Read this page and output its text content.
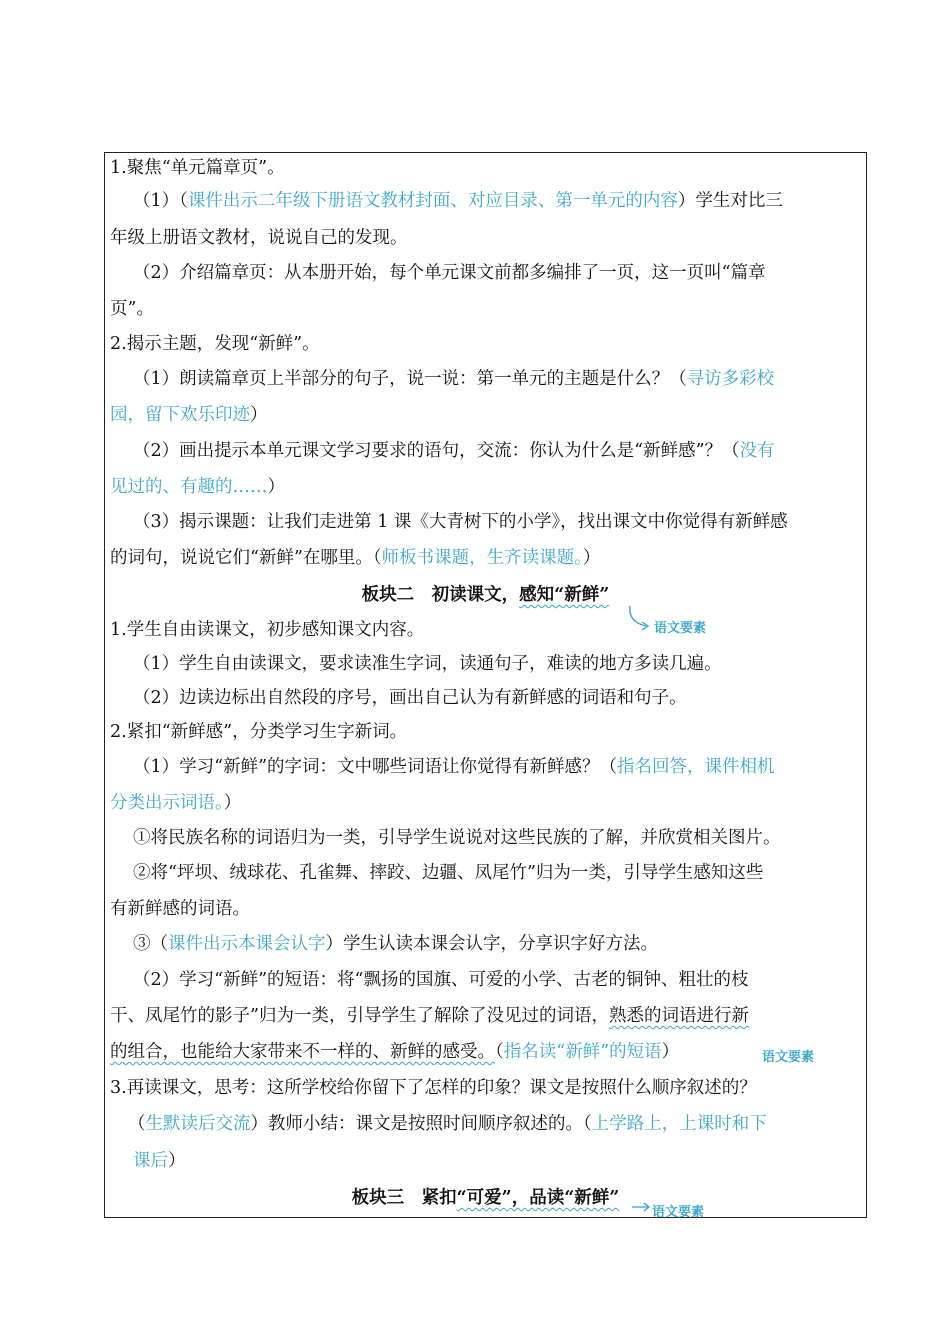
1.聚焦“单元篇章页”。
（1）（课件出示二年级下册语文教材封面、对应目录、第一单元的内容）学生对比三
年级上册语文教材，说说自己的发现。
（2）介绍篇章页：从本册开始，每个单元课文前都多编排了一页，这一页叫“篇章
页”。
2.揭示主题，发现“新鲜”。
（1）朗读篇章页上半部分的句子，说一说：第一单元的主题是什么？（寻访多彩校
园，留下欢乐印迹）
（2）画出提示本单元课文学习要求的语句，交流：你认为什么是“新鲜感”？（没有
见过的、有趣的……）
（3）揭示课题：让我们走进第 1 课《大青树下的小学》，找出课文中你觉得有新鲜感
的词句，说说它们“新鲜”在哪里。（师板书课题，生齐读课题。）
板块二　初读课文，感知“新鲜”
语文要素
1.学生自由读课文，初步感知课文内容。
（1）学生自由读课文，要求读准生字词，读通句子，难读的地方多读几遍。
（2）边读边标出自然段的序号，画出自己认为有新鲜感的词语和句子。
2.紧扣“新鲜感”，分类学习生字新词。
（1）学习“新鲜”的字词：文中哪些词语让你觉得有新鲜感？（指名回答，课件相机
分类出示词语。）
①将民族名称的词语归为一类，引导学生说说对这些民族的了解，并欣赏相关图片。
②将“坪坝、绒球花、孔雀舞、摔跤、边疆、凤尾竹”归为一类，引导学生感知这些
有新鲜感的词语。
③（课件出示本课会认字）学生认读本课会认字，分享识字好方法。
（2）学习“新鲜”的短语：将“飘扬的国旗、可爱的小学、古老的铜钟、粗壮的枝
干、凤尾竹的影子”归为一类，引导学生了解除了没见过的词语，熟悉的词语进行新
的组合，也能给大家带来不一样的、新鲜的感受。（指名读“新鲜”的短语）	语文要素
3.再读课文，思考：这所学校给你留下了怎样的印象？课文是按照什么顺序叙述的？
（生默读后交流）教师小结：课文是按照时间顺序叙述的。（上学路上，上课时和下
课后）
板块三　紧扣“可爱”，品读“新鲜”
语文要素
